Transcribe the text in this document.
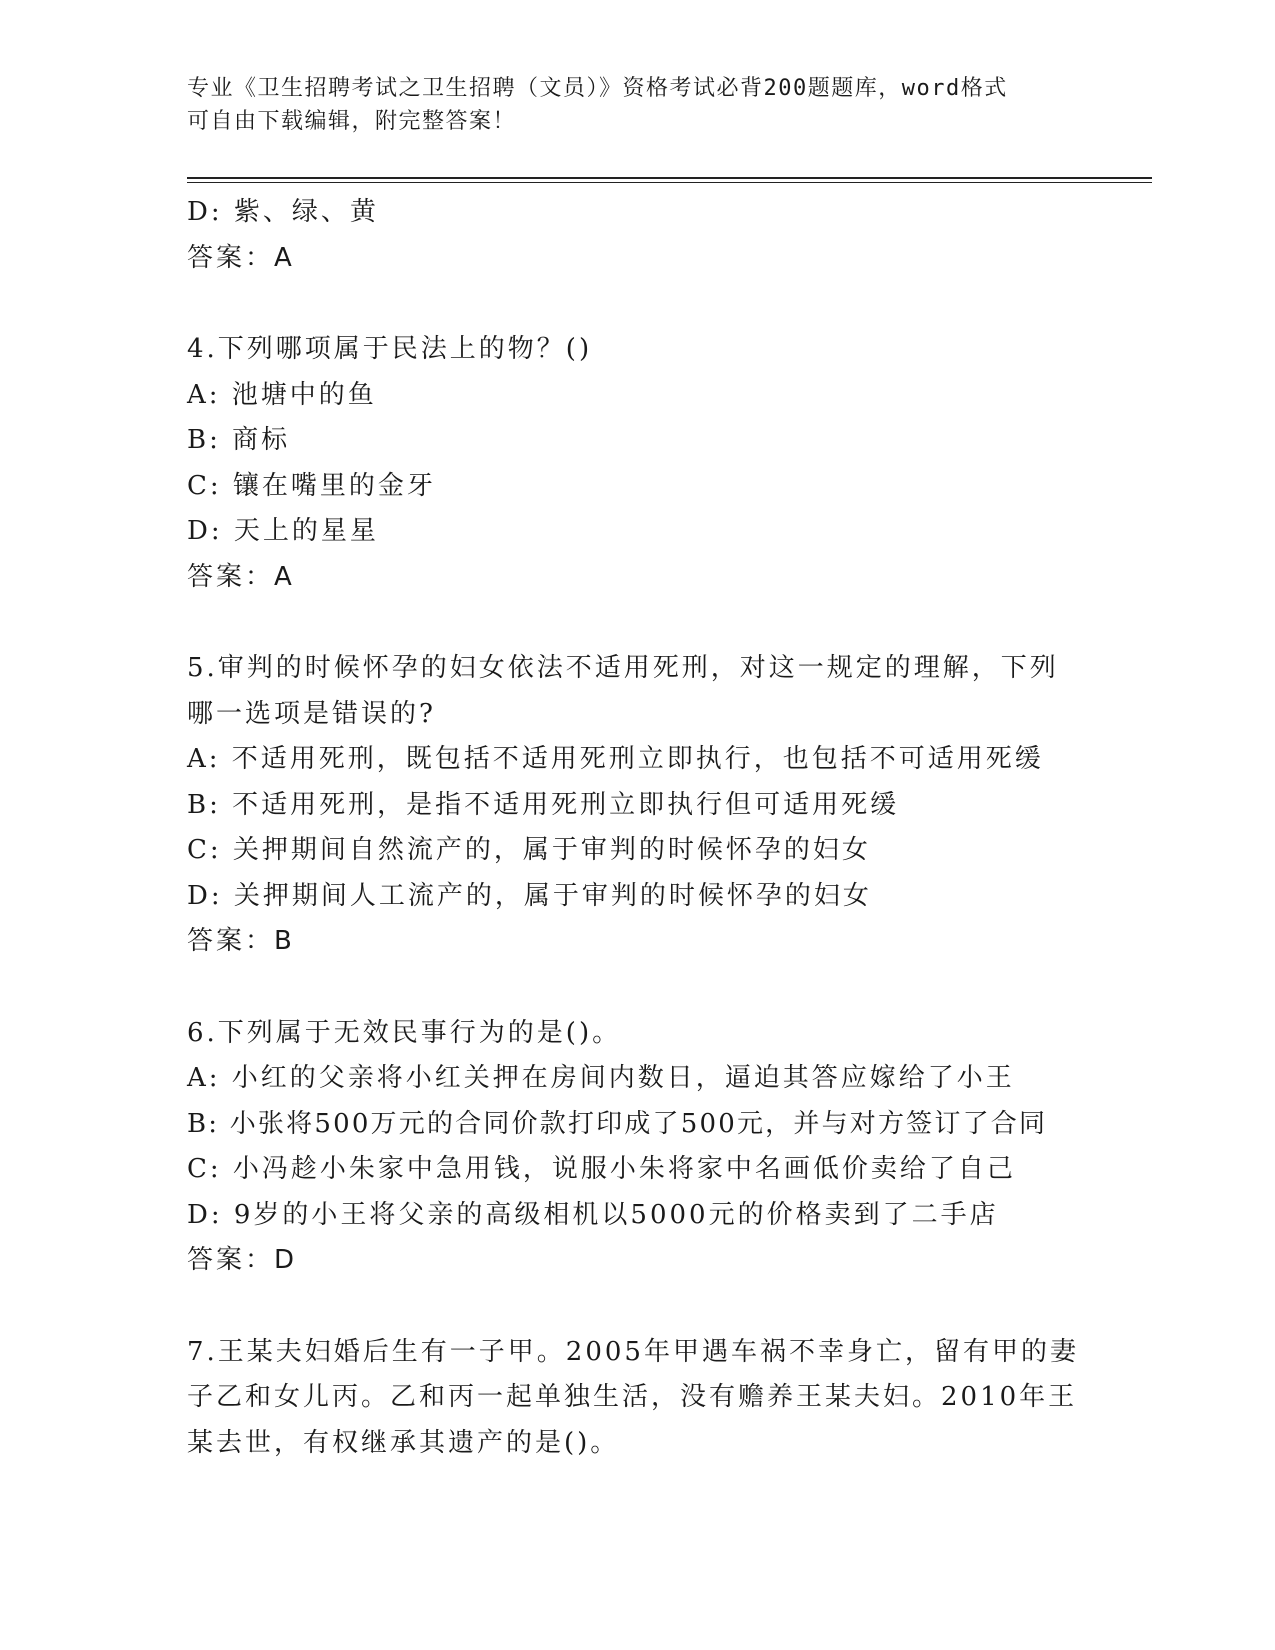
专业《卫生招聘考试之卫生招聘（文员）》资格考试必背200题题库，word格式
可自由下载编辑，附完整答案！
D: 紫、绿、黄
答案：A
4.下列哪项属于民法上的物？()
A: 池塘中的鱼
B: 商标
C: 镶在嘴里的金牙
D: 天上的星星
答案：A
5.审判的时候怀孕的妇女依法不适用死刑，对这一规定的理解，下列
哪一选项是错误的?
A: 不适用死刑，既包括不适用死刑立即执行，也包括不可适用死缓
B: 不适用死刑，是指不适用死刑立即执行但可适用死缓
C: 关押期间自然流产的，属于审判的时候怀孕的妇女
D: 关押期间人工流产的，属于审判的时候怀孕的妇女
答案：B
6.下列属于无效民事行为的是()。
A: 小红的父亲将小红关押在房间内数日，逼迫其答应嫁给了小王
B: 小张将500万元的合同价款打印成了500元，并与对方签订了合同
C: 小冯趁小朱家中急用钱，说服小朱将家中名画低价卖给了自己
D: 9岁的小王将父亲的高级相机以5000元的价格卖到了二手店
答案：D
7.王某夫妇婚后生有一子甲。2005年甲遇车祸不幸身亡，留有甲的妻
子乙和女儿丙。乙和丙一起单独生活，没有赡养王某夫妇。2010年王
某去世，有权继承其遗产的是()。
